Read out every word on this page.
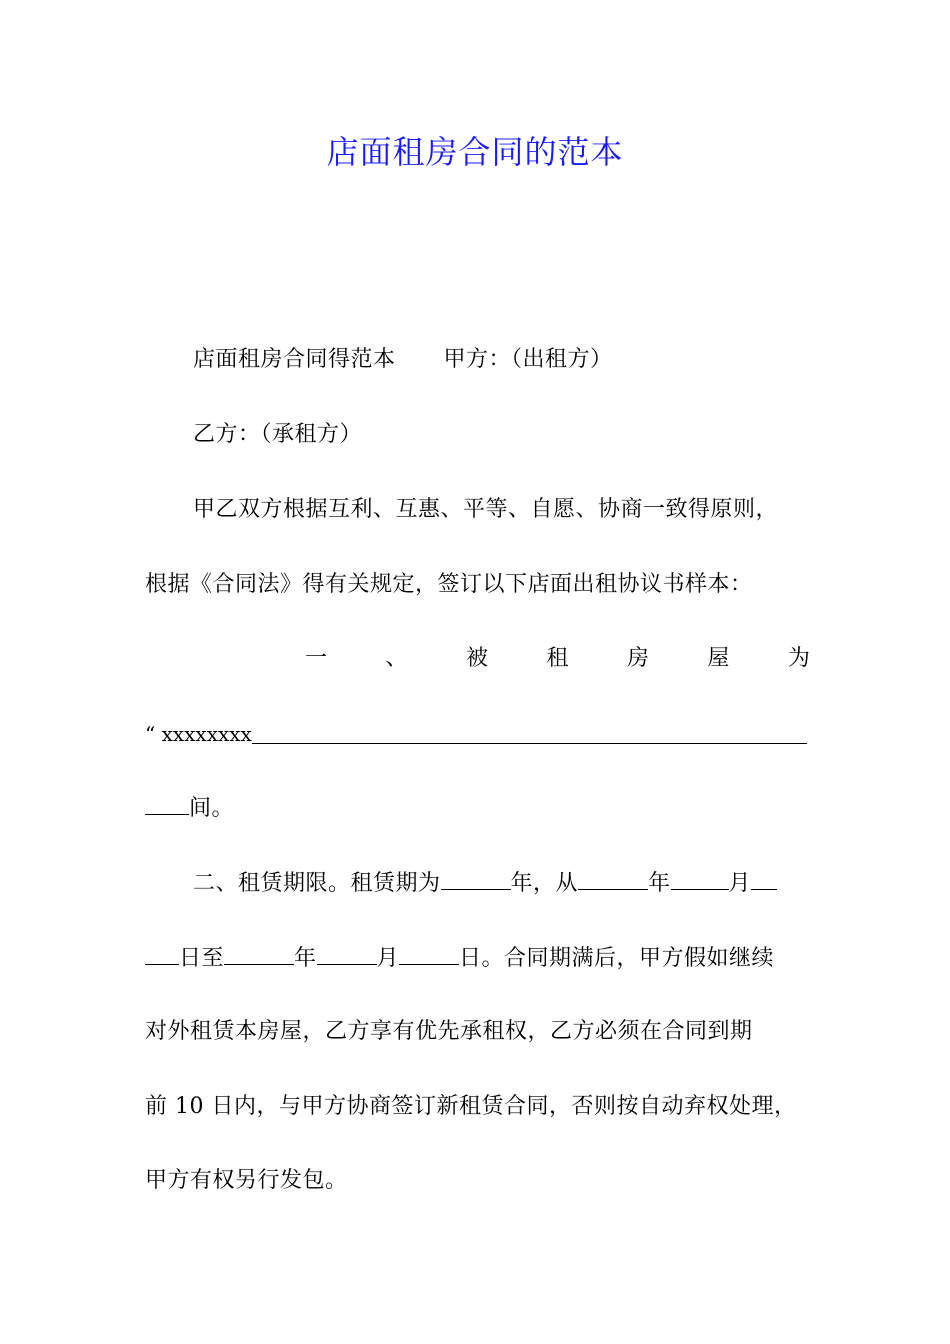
店面租房合同的范本
店面租房合同得范本 甲方：（出租方）
乙方：（承租方）
甲乙双方根据互利、互惠、平等、自愿、协商一致得原则，
根据《合同法》得有关规定，签订以下店面出租协议书样本：
一	、	被	租	房	屋	为
“ xxxxxxxx
间。
二、租赁期限。租赁期为	年，从	年	月
日至	年	月	日。合同期满后，甲方假如继续
对外租赁本房屋，乙方享有优先承租权，乙方必须在合同到期
前 10 日内，与甲方协商签订新租赁合同，否则按自动弃权处理，
甲方有权另行发包。
